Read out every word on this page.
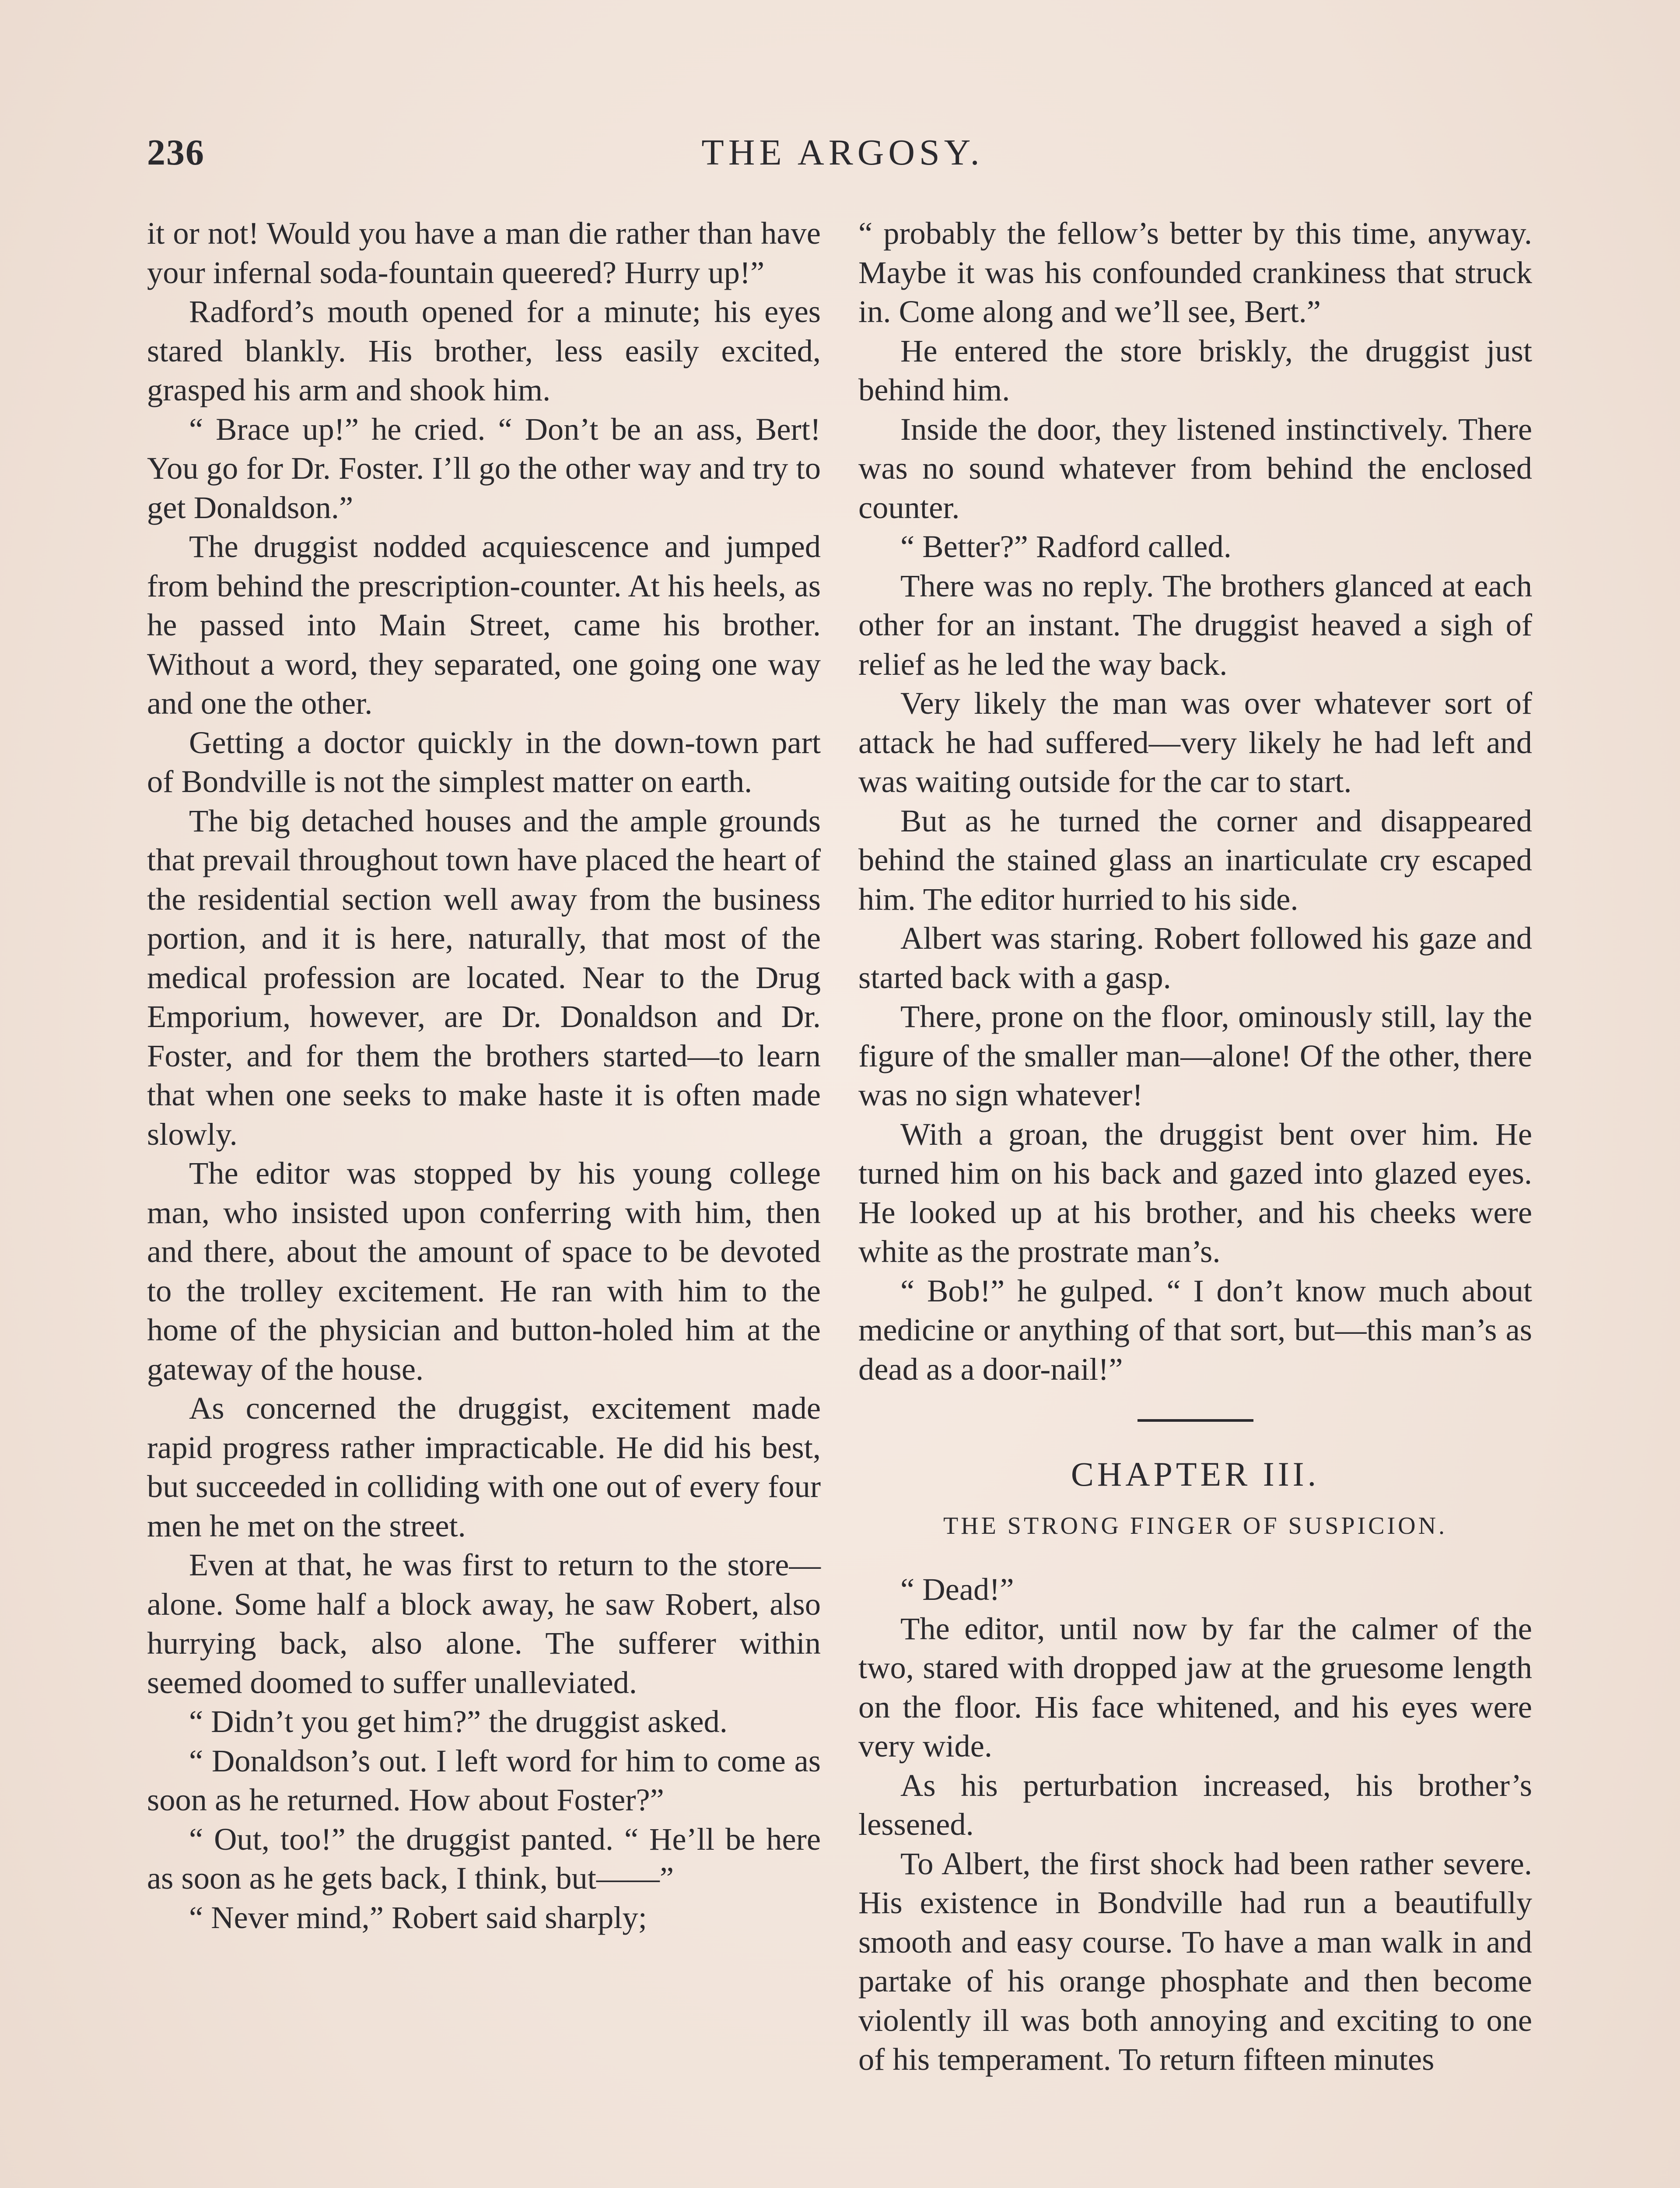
236	THE ARGOSY.

it or not! Would you have a man die rather than have your infernal soda-fountain queered? Hurry up!”

Radford’s mouth opened for a minute; his eyes stared blankly. His brother, less easily excited, grasped his arm and shook him.

“ Brace up!” he cried. “ Don’t be an ass, Bert! You go for Dr. Foster. I’ll go the other way and try to get Donaldson.”

The druggist nodded acquiescence and jumped from behind the prescription-counter. At his heels, as he passed into Main Street, came his brother. Without a word, they separated, one going one way and one the other.

Getting a doctor quickly in the down-town part of Bondville is not the simplest matter on earth.

The big detached houses and the ample grounds that prevail throughout town have placed the heart of the residential section well away from the business portion, and it is here, naturally, that most of the medical profession are located. Near to the Drug Emporium, however, are Dr. Donaldson and Dr. Foster, and for them the brothers started—to learn that when one seeks to make haste it is often made slowly.

The editor was stopped by his young college man, who insisted upon conferring with him, then and there, about the amount of space to be devoted to the trolley excitement. He ran with him to the home of the physician and button-holed him at the gateway of the house.

As concerned the druggist, excitement made rapid progress rather impracticable. He did his best, but succeeded in colliding with one out of every four men he met on the street.

Even at that, he was first to return to the store—alone. Some half a block away, he saw Robert, also hurrying back, also alone. The sufferer within seemed doomed to suffer unalleviated.

“ Didn’t you get him?” the druggist asked.

“ Donaldson’s out. I left word for him to come as soon as he returned. How about Foster?”

“ Out, too!” the druggist panted. “ He’ll be here as soon as he gets back, I think, but——”

“ Never mind,” Robert said sharply;

“ probably the fellow’s better by this time, anyway. Maybe it was his confounded crankiness that struck in. Come along and we’ll see, Bert.”

He entered the store briskly, the druggist just behind him.

Inside the door, they listened instinctively. There was no sound whatever from behind the enclosed counter.

“ Better?” Radford called.

There was no reply. The brothers glanced at each other for an instant. The druggist heaved a sigh of relief as he led the way back.

Very likely the man was over whatever sort of attack he had suffered—very likely he had left and was waiting outside for the car to start.

But as he turned the corner and disappeared behind the stained glass an inarticulate cry escaped him. The editor hurried to his side.

Albert was staring. Robert followed his gaze and started back with a gasp.

There, prone on the floor, ominously still, lay the figure of the smaller man—alone! Of the other, there was no sign whatever!

With a groan, the druggist bent over him. He turned him on his back and gazed into glazed eyes. He looked up at his brother, and his cheeks were white as the prostrate man’s.

“ Bob!” he gulped. “ I don’t know much about medicine or anything of that sort, but—this man’s as dead as a door-nail!”

CHAPTER III.
THE STRONG FINGER OF SUSPICION.

“ Dead!”

The editor, until now by far the calmer of the two, stared with dropped jaw at the gruesome length on the floor. His face whitened, and his eyes were very wide.

As his perturbation increased, his brother’s lessened.

To Albert, the first shock had been rather severe. His existence in Bondville had run a beautifully smooth and easy course. To have a man walk in and partake of his orange phosphate and then become violently ill was both annoying and exciting to one of his temperament. To return fifteen minutes
